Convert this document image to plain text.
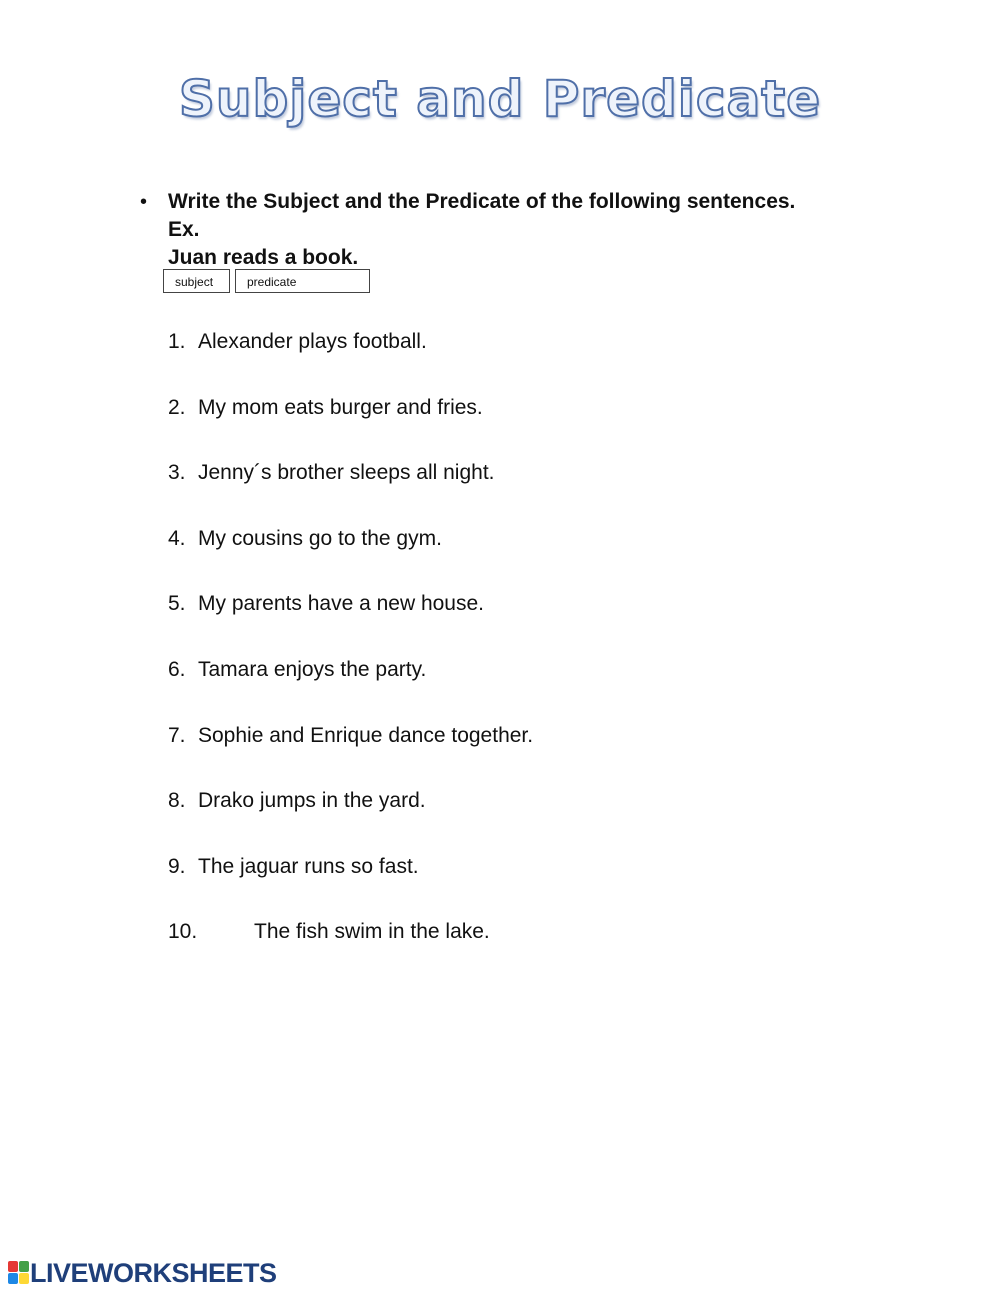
Subject and Predicate
• Write the Subject and the Predicate of the following sentences.
Ex.
Juan reads a book.
subject	predicate
1. Alexander plays football.
2. My mom eats burger and fries.
3. Jenny´s brother sleeps all night.
4. My cousins go to the gym.
5. My parents have a new house.
6. Tamara enjoys the party.
7. Sophie and Enrique dance together.
8. Drako jumps in the yard.
9. The jaguar runs so fast.
10.	The fish swim in the lake.
LIVEWORKSHEETS
